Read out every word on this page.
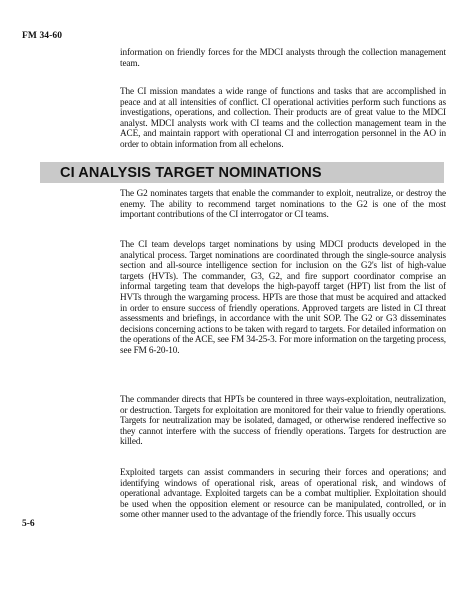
FM 34-60

information on friendly forces for the MDCI analysts through the collection management team.

The CI mission mandates a wide range of functions and tasks that are accomplished in peace and at all intensities of conflict. CI operational activities perform such functions as investigations, operations, and collection. Their products are of great value to the MDCI analyst. MDCI analysts work with CI teams and the collection management team in the ACE, and maintain rapport with operational CI and interrogation personnel in the AO in order to obtain information from all echelons.

CI ANALYSIS TARGET NOMINATIONS

The G2 nominates targets that enable the commander to exploit, neutralize, or destroy the enemy. The ability to recommend target nominations to the G2 is one of the most important contributions of the CI interrogator or CI teams.

The CI team develops target nominations by using MDCI products developed in the analytical process. Target nominations are coordinated through the single-source analysis section and all-source intelligence section for inclusion on the G2's list of high-value targets (HVTs). The commander, G3, G2, and fire support coordinator comprise an informal targeting team that develops the high-payoff target (HPT) list from the list of HVTs through the wargaming process. HPTs are those that must be acquired and attacked in order to ensure success of friendly operations. Approved targets are listed in CI threat assessments and briefings, in accordance with the unit SOP. The G2 or G3 disseminates decisions concerning actions to be taken with regard to targets. For detailed information on the operations of the ACE, see FM 34-25-3. For more information on the targeting process, see FM 6-20-10.

The commander directs that HPTs be countered in three ways-exploitation, neutralization, or destruction. Targets for exploitation are monitored for their value to friendly operations. Targets for neutralization may be isolated, damaged, or otherwise rendered ineffective so they cannot interfere with the success of friendly operations. Targets for destruction are killed.

Exploited targets can assist commanders in securing their forces and operations; and identifying windows of operational risk, areas of operational risk, and windows of operational advantage. Exploited targets can be a combat multiplier. Exploitation should be used when the opposition element or resource can be manipulated, controlled, or in some other manner used to the advantage of the friendly force. This usually occurs

5-6
